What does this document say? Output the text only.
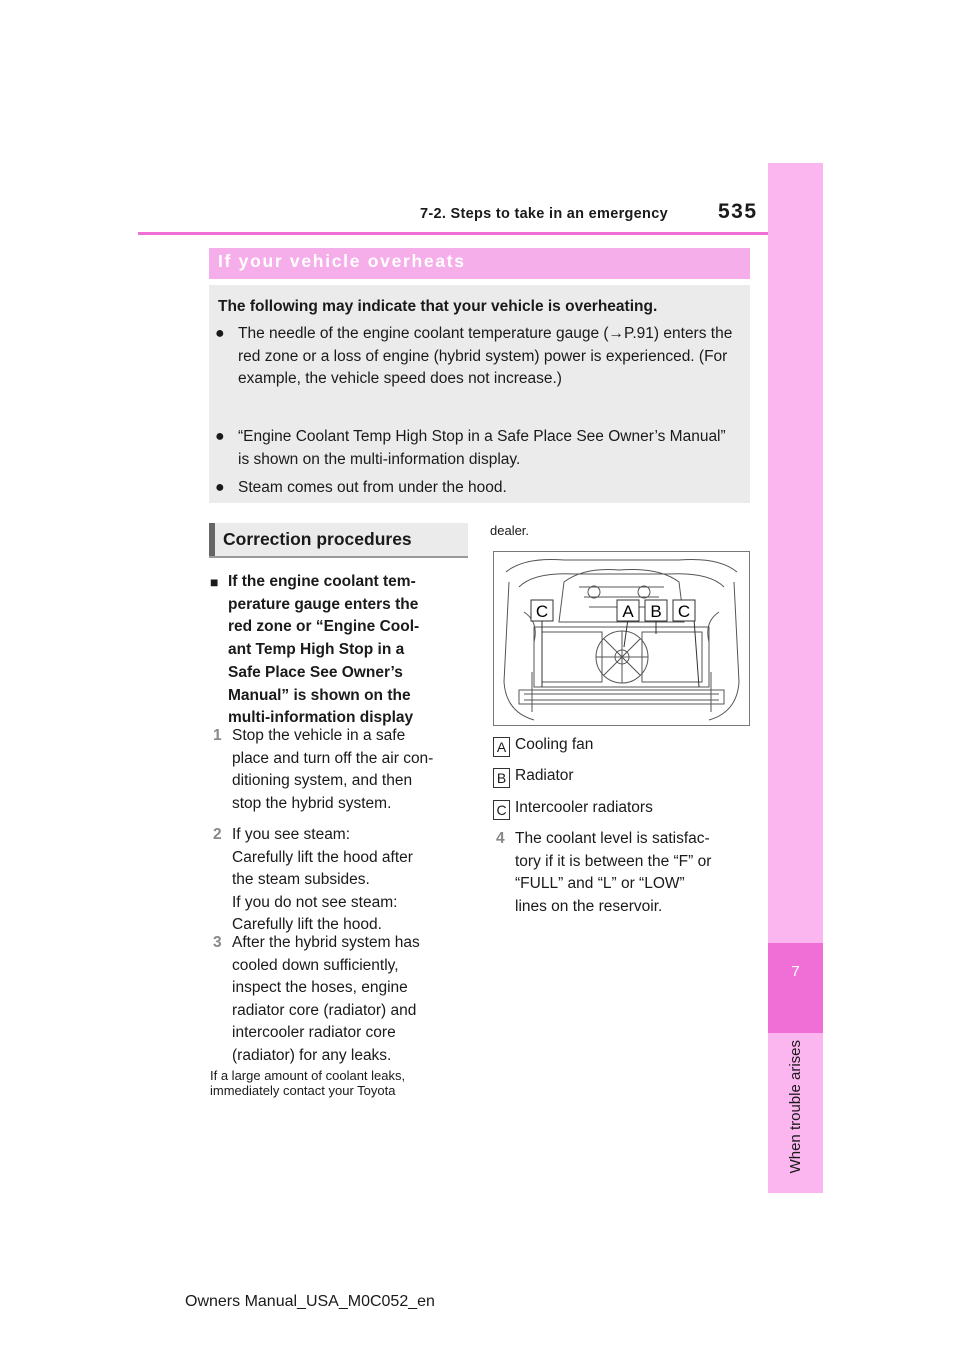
7-2. Steps to take in an emergency 535
7
When trouble arises
If your vehicle overheats
The following may indicate that your vehicle is overheating.
● The needle of the engine coolant temperature gauge (→P.91) enters the red zone or a loss of engine (hybrid system) power is experienced. (For example, the vehicle speed does not increase.)
● “Engine Coolant Temp High Stop in a Safe Place See Owner’s Manual” is shown on the multi-information display.
● Steam comes out from under the hood.
Correction procedures
■ If the engine coolant tem-
perature gauge enters the
red zone or “Engine Cool-
ant Temp High Stop in a
Safe Place See Owner’s
Manual” is shown on the
multi-information display
1 Stop the vehicle in a safe
place and turn off the air con-
ditioning system, and then
stop the hybrid system.
2 If you see steam:
Carefully lift the hood after
the steam subsides.
If you do not see steam:
Carefully lift the hood.
3 After the hybrid system has
cooled down sufficiently,
inspect the hoses, engine
radiator core (radiator) and
intercooler radiator core
(radiator) for any leaks.
If a large amount of coolant leaks,
immediately contact your Toyota
dealer.
C	A B C
A Cooling fan
B Radiator
C Intercooler radiators
4 The coolant level is satisfac-
tory if it is between the “F” or
“FULL” and “L” or “LOW”
lines on the reservoir.
Owners Manual_USA_M0C052_en
